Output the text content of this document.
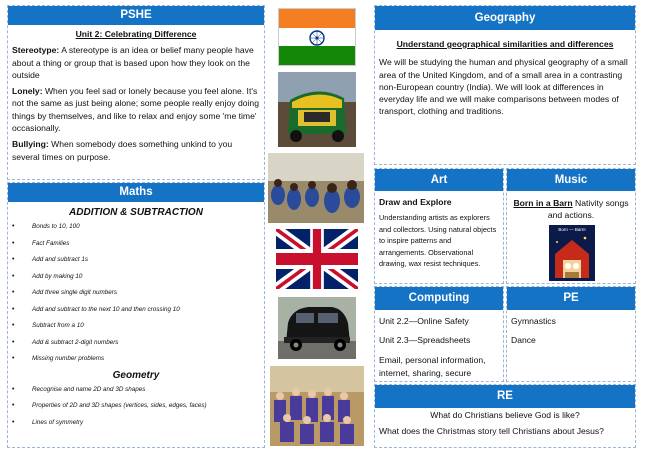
PSHE
Unit 2: Celebrating Difference

Stereotype: A stereotype is an idea or belief many people have about a thing or group that is based upon how they look on the outside

Lonely: When you feel sad or lonely because you feel alone. It's not the same as just being alone; some people really enjoy doing things by themselves, and like to relax and enjoy some 'me time' occasionally.

Bullying: When somebody does something unkind to you several times on purpose.

Maths
ADDITION & SUBTRACTION
• Bonds to 10, 100
• Fact Families
• Add and subtract 1s
• Add by making 10
• Add three single digit numbers
• Add and subtract to the next 10 and then crossing 10
• Subtract from a 10
• Add & subtract 2-digit numbers
• Missing number problems
Geometry
• Recognise and name 2D and 3D shapes
• Properties of 2D and 3D shapes (vertices, sides, edges, faces)
• Lines of symmetry
Geography
Understand geographical similarities and differences
We will be studying the human and physical geography of a small area of the United Kingdom, and of a small area in a contrasting non-European country (India). We will look at differences in everyday life and we will make comparisons between modes of transport, clothing and traditions.
Art
Draw and Explore
Understanding artists as explorers and collectors. Using natural objects to inspire patterns and arrangements. Observational drawing, wax resist techniques.
Music
Born in a Barn Nativity songs and actions.
Born — Barn!
Computing
Unit 2.2—Online Safety
Unit 2.3—Spreadsheets
Email, personal information, internet, sharing, secure
PE
Gymnastics
Dance
RE
What do Christians believe God is like?
What does the Christmas story tell Christians about Jesus?
